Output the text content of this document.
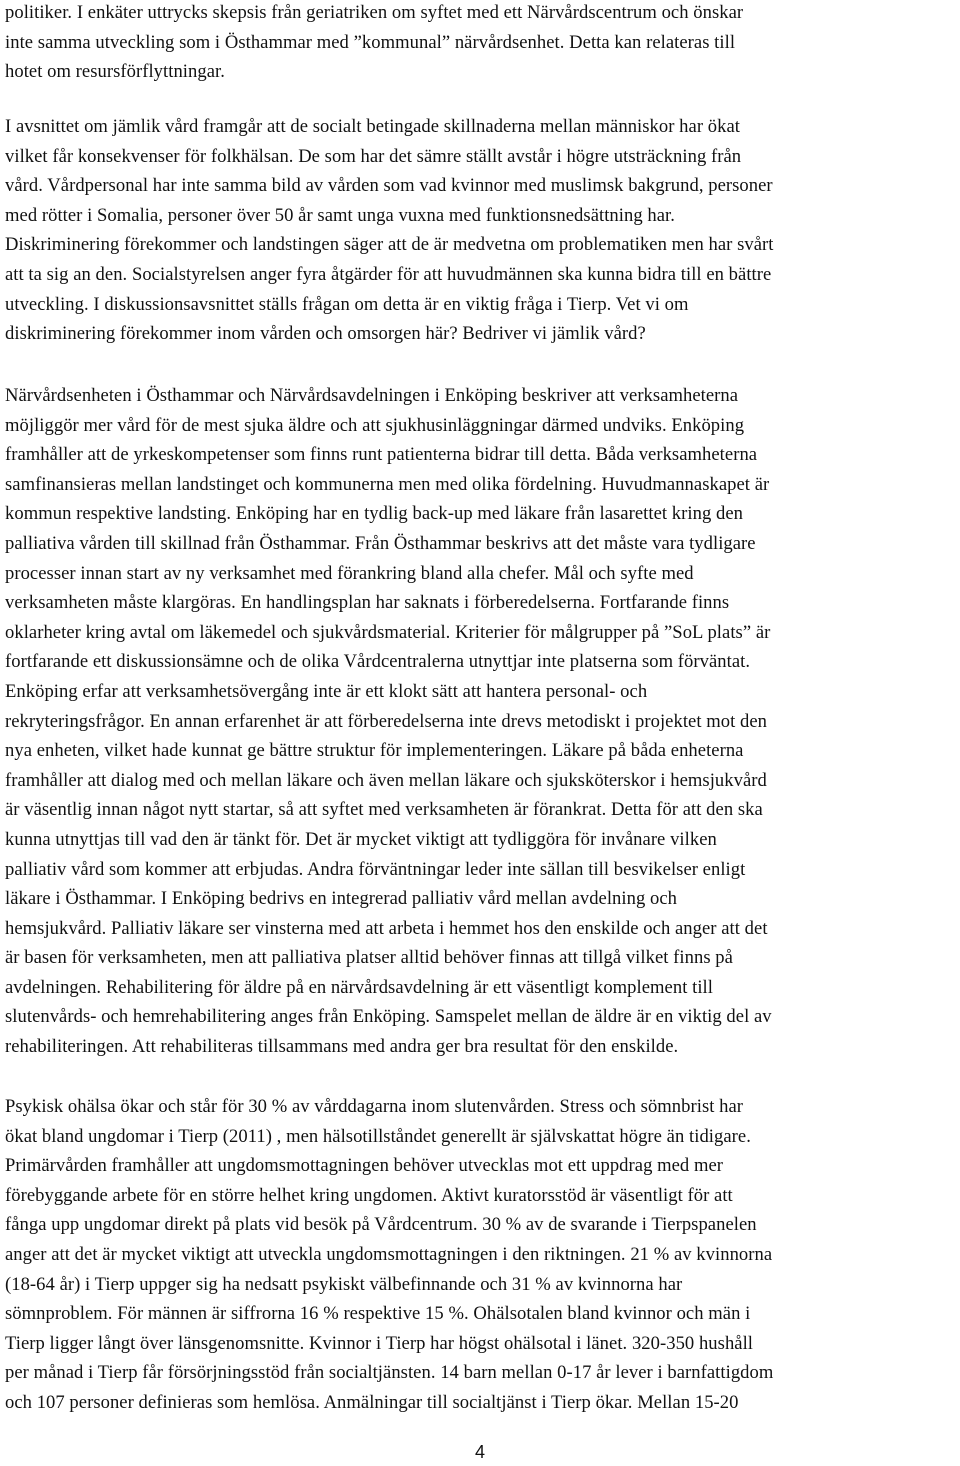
politiker. I enkäter uttrycks skepsis från geriatriken om syftet med ett Närvårdscentrum och önskar
inte samma utveckling som i Östhammar med ”kommunal” närvårdsenhet. Detta kan relateras till
hotet om resursförflyttningar.

I avsnittet om jämlik vård framgår att de socialt betingade skillnaderna mellan människor har ökat
vilket får konsekvenser för folkhälsan. De som har det sämre ställt avstår i högre utsträckning från
vård. Vårdpersonal har inte samma bild av vården som vad kvinnor med muslimsk bakgrund, personer
med rötter i Somalia, personer över 50 år samt unga vuxna med funktionsnedsättning har.
Diskriminering förekommer och landstingen säger att de är medvetna om problematiken men har svårt
att ta sig an den. Socialstyrelsen anger fyra åtgärder för att huvudmännen ska kunna bidra till en bättre
utveckling. I diskussionsavsnittet ställs frågan om detta är en viktig fråga i Tierp. Vet vi om
diskriminering förekommer inom vården och omsorgen här? Bedriver vi jämlik vård?

Närvårdsenheten i Östhammar och Närvårdsavdelningen i Enköping beskriver att verksamheterna
möjliggör mer vård för de mest sjuka äldre och att sjukhusinläggningar därmed undviks. Enköping
framhåller att de yrkeskompetenser som finns runt patienterna bidrar till detta. Båda verksamheterna
samfinansieras mellan landstinget och kommunerna men med olika fördelning. Huvudmannaskapet är
kommun respektive landsting. Enköping har en tydlig back-up med läkare från lasarettet kring den
palliativa vården till skillnad från Östhammar. Från Östhammar beskrivs att det måste vara tydligare
processer innan start av ny verksamhet med förankring bland alla chefer. Mål och syfte med
verksamheten måste klargöras. En handlingsplan har saknats i förberedelserna. Fortfarande finns
oklarheter kring avtal om läkemedel och sjukvårdsmaterial. Kriterier för målgrupper på ”SoL plats” är
fortfarande ett diskussionsämne och de olika Vårdcentralerna utnyttjar inte platserna som förväntat.
Enköping erfar att verksamhetsövergång inte är ett klokt sätt att hantera personal- och
rekryteringsfrågor. En annan erfarenhet är att förberedelserna inte drevs metodiskt i projektet mot den
nya enheten, vilket hade kunnat ge bättre struktur för implementeringen. Läkare på båda enheterna
framhåller att dialog med och mellan läkare och även mellan läkare och sjuksköterskor i hemsjukvård
är väsentlig innan något nytt startar, så att syftet med verksamheten är förankrat. Detta för att den ska
kunna utnyttjas till vad den är tänkt för. Det är mycket viktigt att tydliggöra för invånare vilken
palliativ vård som kommer att erbjudas. Andra förväntningar leder inte sällan till besvikelser enligt
läkare i Östhammar. I Enköping bedrivs en integrerad palliativ vård mellan avdelning och
hemsjukvård. Palliativ läkare ser vinsterna med att arbeta i hemmet hos den enskilde och anger att det
är basen för verksamheten, men att palliativa platser alltid behöver finnas att tillgå vilket finns på
avdelningen. Rehabilitering för äldre på en närvårdsavdelning är ett väsentligt komplement till
slutenvårds- och hemrehabilitering anges från Enköping. Samspelet mellan de äldre är en viktig del av
rehabiliteringen. Att rehabiliteras tillsammans med andra ger bra resultat för den enskilde.

Psykisk ohälsa ökar och står för 30 % av vårddagarna inom slutenvården. Stress och sömnbrist har
ökat bland ungdomar i Tierp (2011) , men hälsotillståndet generellt är självskattat högre än tidigare.
Primärvården framhåller att ungdomsmottagningen behöver utvecklas mot ett uppdrag med mer
förebyggande arbete för en större helhet kring ungdomen. Aktivt kuratorsstöd är väsentligt för att
fånga upp ungdomar direkt på plats vid besök på Vårdcentrum. 30 % av de svarande i Tierpspanelen
anger att det är mycket viktigt att utveckla ungdomsmottagningen i den riktningen. 21 % av kvinnorna
(18-64 år) i Tierp uppger sig ha nedsatt psykiskt välbefinnande och 31 % av kvinnorna har
sömnproblem. För männen är siffrorna 16 % respektive 15 %. Ohälsotalen bland kvinnor och män i
Tierp ligger långt över länsgenomsnitte. Kvinnor i Tierp har högst ohälsotal i länet. 320-350 hushåll
per månad i Tierp får försörjningsstöd från socialtjänsten. 14 barn mellan 0-17 år lever i barnfattigdom
och 107 personer definieras som hemlösa. Anmälningar till socialtjänst i Tierp ökar. Mellan 15-20

4
